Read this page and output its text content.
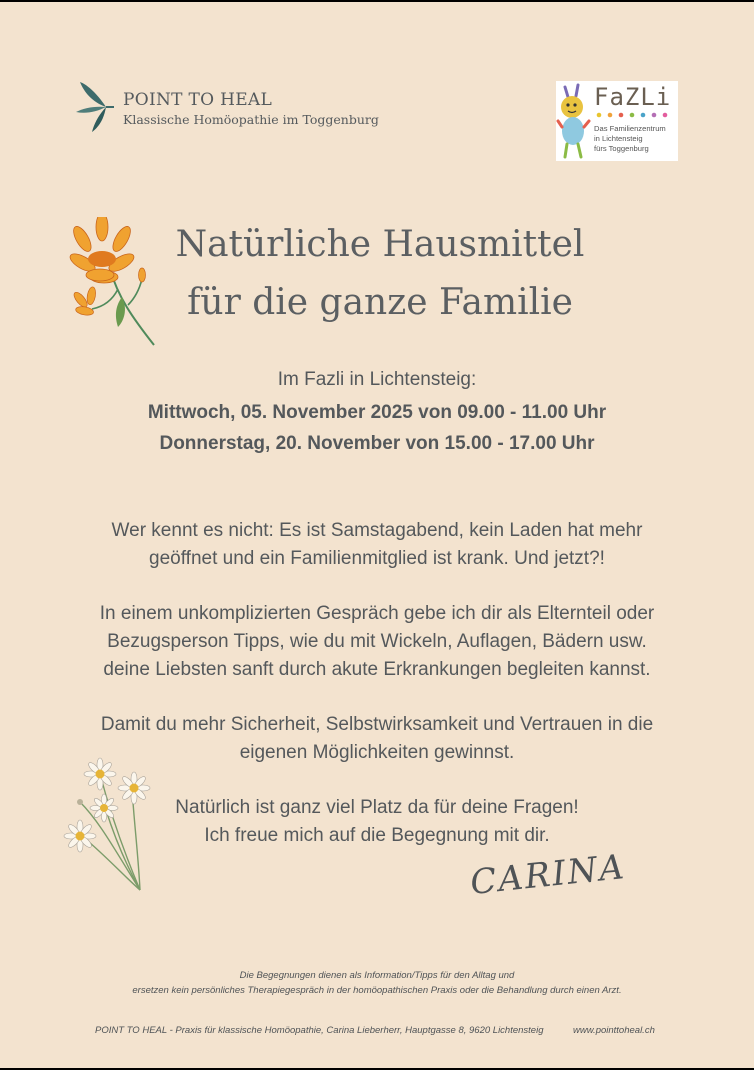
POINT TO HEAL
Klassische Homöopathie im Toggenburg
FaZLi
Das Familienzentrum
in Lichtensteig
fürs Toggenburg
Natürliche Hausmittel
für die ganze Familie
Im Fazli in Lichtensteig:
Mittwoch, 05. November 2025 von 09.00 - 11.00 Uhr
Donnerstag, 20. November von 15.00 - 17.00 Uhr
Wer kennt es nicht: Es ist Samstagabend, kein Laden hat mehr
geöffnet und ein Familienmitglied ist krank. Und jetzt?!
In einem unkomplizierten Gespräch gebe ich dir als Elternteil oder
Bezugsperson Tipps, wie du mit Wickeln, Auflagen, Bädern usw.
deine Liebsten sanft durch akute Erkrankungen begleiten kannst.
Damit du mehr Sicherheit, Selbstwirksamkeit und Vertrauen in die
eigenen Möglichkeiten gewinnst.
Natürlich ist ganz viel Platz da für deine Fragen!
Ich freue mich auf die Begegnung mit dir.
CARINA
Die Begegnungen dienen als Information/Tipps für den Alltag und
ersetzen kein persönliches Therapiegespräch in der homöopathischen Praxis oder die Behandlung durch einen Arzt.
POINT TO HEAL - Praxis für klassische Homöopathie, Carina Lieberherr, Hauptgasse 8, 9620 Lichtensteig	www.pointtoheal.ch
